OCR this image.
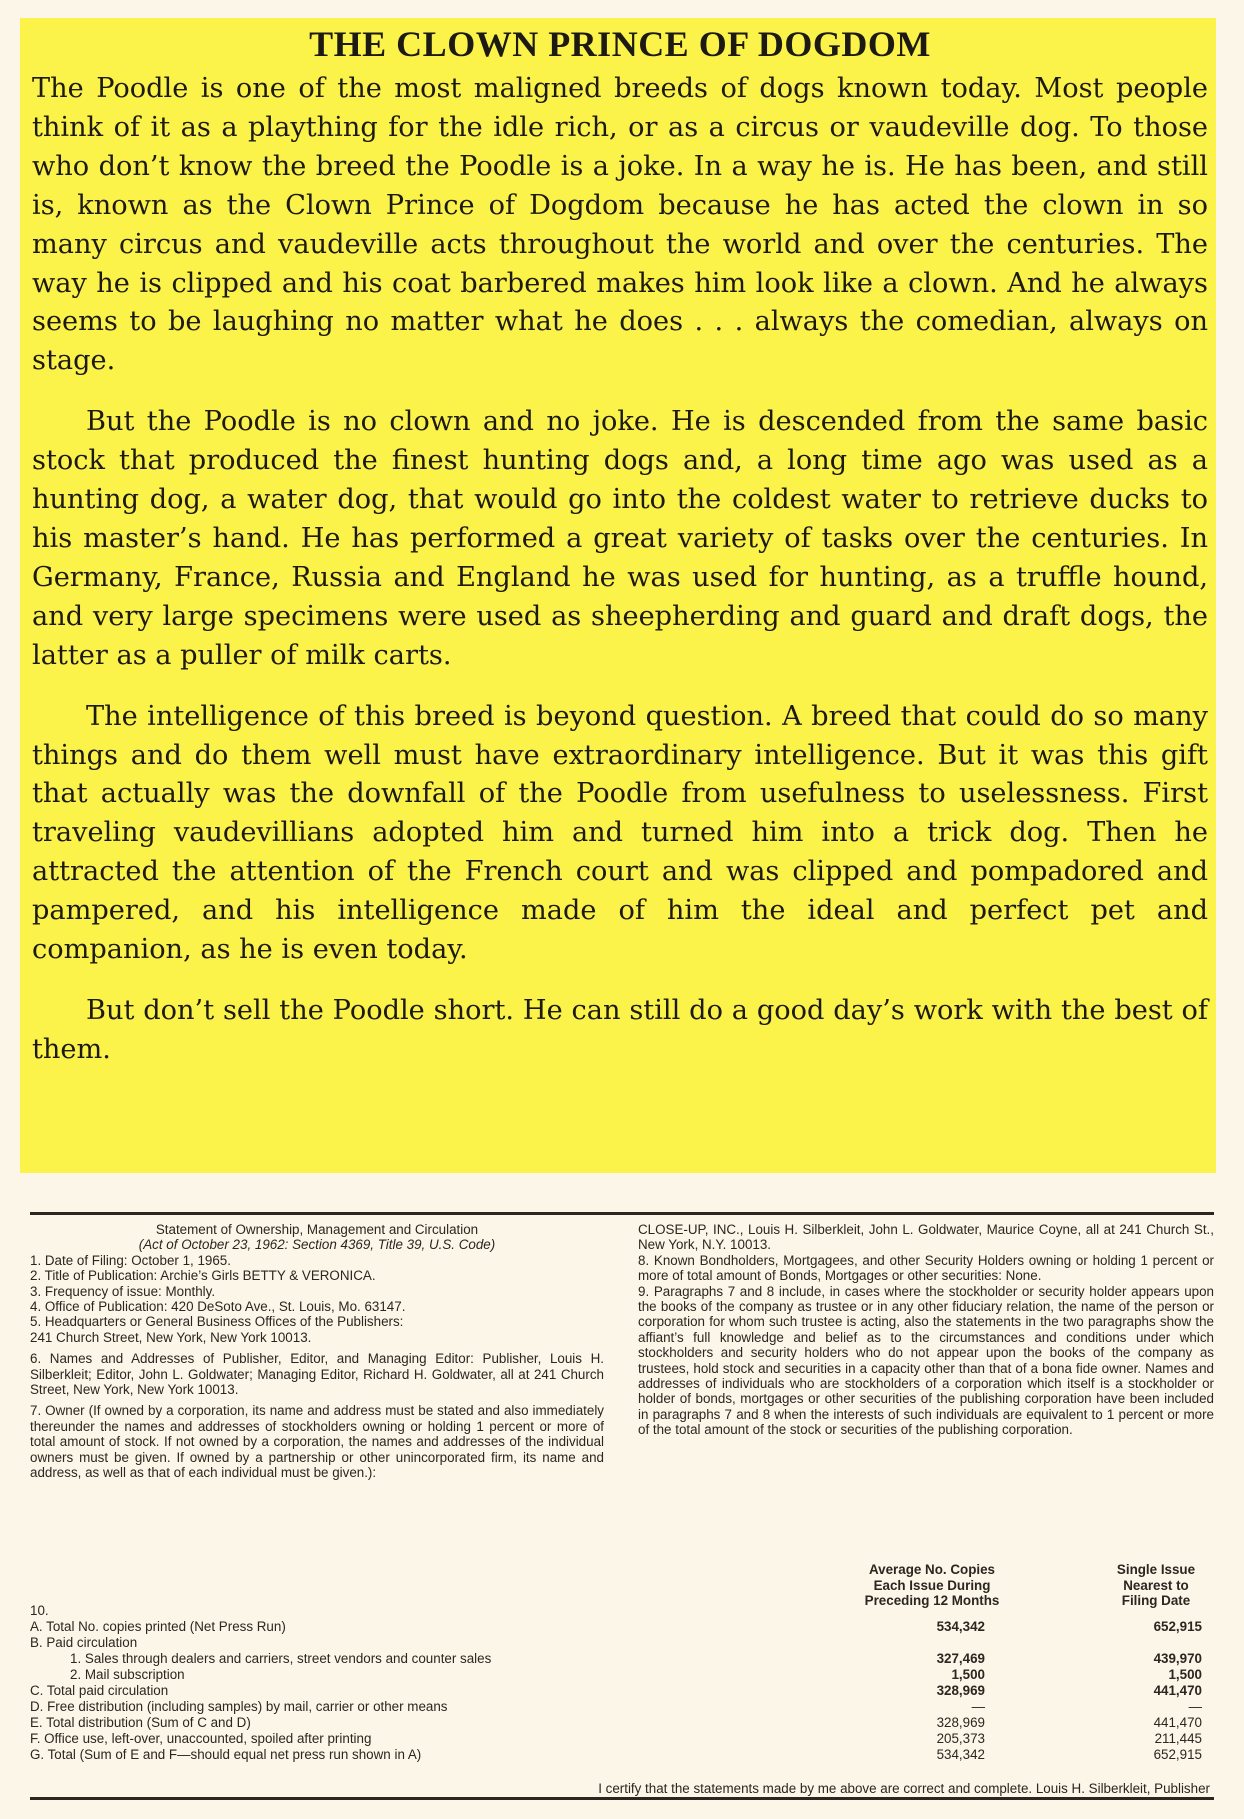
THE CLOWN PRINCE OF DOGDOM

The Poodle is one of the most maligned breeds of dogs known today. Most people think of it as a plaything for the idle rich, or as a circus or vaudeville dog. To those who don’t know the breed the Poodle is a joke. In a way he is. He has been, and still is, known as the Clown Prince of Dogdom because he has acted the clown in so many circus and vaudeville acts throughout the world and over the centuries. The way he is clipped and his coat barbered makes him look like a clown. And he always seems to be laughing no matter what he does . . . always the comedian, always on stage.

But the Poodle is no clown and no joke. He is descended from the same basic stock that produced the finest hunting dogs and, a long time ago was used as a hunting dog, a water dog, that would go into the coldest water to retrieve ducks to his master’s hand. He has performed a great variety of tasks over the centuries. In Germany, France, Russia and England he was used for hunting, as a truffle hound, and very large specimens were used as sheepherding and guard and draft dogs, the latter as a puller of milk carts.

The intelligence of this breed is beyond question. A breed that could do so many things and do them well must have extraordinary intelligence. But it was this gift that actually was the downfall of the Poodle from usefulness to uselessness. First traveling vaudevillians adopted him and turned him into a trick dog. Then he attracted the attention of the French court and was clipped and pompadored and pampered, and his intelligence made of him the ideal and perfect pet and companion, as he is even today.

But don’t sell the Poodle short. He can still do a good day’s work with the best of them.

Statement of Ownership, Management and Circulation
(Act of October 23, 1962: Section 4369, Title 39, U.S. Code)
1. Date of Filing: October 1, 1965.
2. Title of Publication: Archie’s Girls BETTY & VERONICA.
3. Frequency of issue: Monthly.
4. Office of Publication: 420 DeSoto Ave., St. Louis, Mo. 63147.
5. Headquarters or General Business Offices of the Publishers:
241 Church Street, New York, New York 10013.
6. Names and Addresses of Publisher, Editor, and Managing Editor: Publisher, Louis H. Silberkleit; Editor, John L. Goldwater; Managing Editor, Richard H. Goldwater, all at 241 Church Street, New York, New York 10013.
7. Owner (If owned by a corporation, its name and address must be stated and also immediately thereunder the names and addresses of stockholders owning or holding 1 percent or more of total amount of stock. If not owned by a corporation, the names and addresses of the individual owners must be given. If owned by a partnership or other unincorporated firm, its name and address, as well as that of each individual must be given.):
CLOSE-UP, INC., Louis H. Silberkleit, John L. Goldwater, Maurice Coyne, all at 241 Church St., New York, N.Y. 10013.
8. Known Bondholders, Mortgagees, and other Security Holders owning or holding 1 percent or more of total amount of Bonds, Mortgages or other securities: None.
9. Paragraphs 7 and 8 include, in cases where the stockholder or security holder appears upon the books of the company as trustee or in any other fiduciary relation, the name of the person or corporation for whom such trustee is acting, also the statements in the two paragraphs show the affiant’s full knowledge and belief as to the circumstances and conditions under which stockholders and security holders who do not appear upon the books of the company as trustees, hold stock and securities in a capacity other than that of a bona fide owner. Names and addresses of individuals who are stockholders of a corporation which itself is a stockholder or holder of bonds, mortgages or other securities of the publishing corporation have been included in paragraphs 7 and 8 when the interests of such individuals are equivalent to 1 percent or more of the total amount of the stock or securities of the publishing corporation.
Average No. Copies
Each Issue During
Preceding 12 Months
Single Issue
Nearest to
Filing Date
10.
A. Total No. copies printed (Net Press Run)	534,342	652,915
B. Paid circulation
1. Sales through dealers and carriers, street vendors and counter sales	327,469	439,970
2. Mail subscription	1,500	1,500
C. Total paid circulation	328,969	441,470
D. Free distribution (including samples) by mail, carrier or other means	—	—
E. Total distribution (Sum of C and D)	328,969	441,470
F. Office use, left-over, unaccounted, spoiled after printing	205,373	211,445
G. Total (Sum of E and F—should equal net press run shown in A)	534,342	652,915
I certify that the statements made by me above are correct and complete. Louis H. Silberkleit, Publisher
